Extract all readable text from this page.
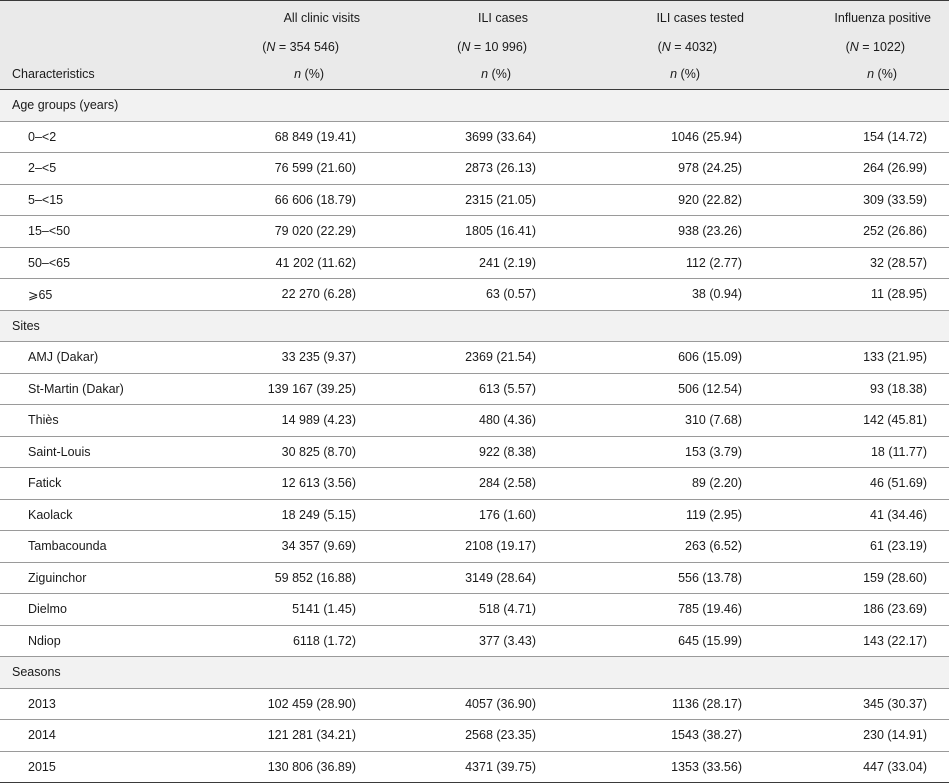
	All clinic visits	ILI cases	ILI cases tested	Influenza positive
	(N = 354 546)	(N = 10 996)	(N = 4032)	(N = 1022)
Characteristics	n (%)	n (%)	n (%)	n (%)
Age groups (years)				
0–<2	68 849 (19.41)	3699 (33.64)	1046 (25.94)	154 (14.72)
2–<5	76 599 (21.60)	2873 (26.13)	978 (24.25)	264 (26.99)
5–<15	66 606 (18.79)	2315 (21.05)	920 (22.82)	309 (33.59)
15–<50	79 020 (22.29)	1805 (16.41)	938 (23.26)	252 (26.86)
50–<65	41 202 (11.62)	241 (2.19)	112 (2.77)	32 (28.57)
⩾65	22 270 (6.28)	63 (0.57)	38 (0.94)	11 (28.95)
Sites				
AMJ (Dakar)	33 235 (9.37)	2369 (21.54)	606 (15.09)	133 (21.95)
St-Martin (Dakar)	139 167 (39.25)	613 (5.57)	506 (12.54)	93 (18.38)
Thiès	14 989 (4.23)	480 (4.36)	310 (7.68)	142 (45.81)
Saint-Louis	30 825 (8.70)	922 (8.38)	153 (3.79)	18 (11.77)
Fatick	12 613 (3.56)	284 (2.58)	89 (2.20)	46 (51.69)
Kaolack	18 249 (5.15)	176 (1.60)	119 (2.95)	41 (34.46)
Tambacounda	34 357 (9.69)	2108 (19.17)	263 (6.52)	61 (23.19)
Ziguinchor	59 852 (16.88)	3149 (28.64)	556 (13.78)	159 (28.60)
Dielmo	5141 (1.45)	518 (4.71)	785 (19.46)	186 (23.69)
Ndiop	6118 (1.72)	377 (3.43)	645 (15.99)	143 (22.17)
Seasons				
2013	102 459 (28.90)	4057 (36.90)	1136 (28.17)	345 (30.37)
2014	121 281 (34.21)	2568 (23.35)	1543 (38.27)	230 (14.91)
2015	130 806 (36.89)	4371 (39.75)	1353 (33.56)	447 (33.04)
